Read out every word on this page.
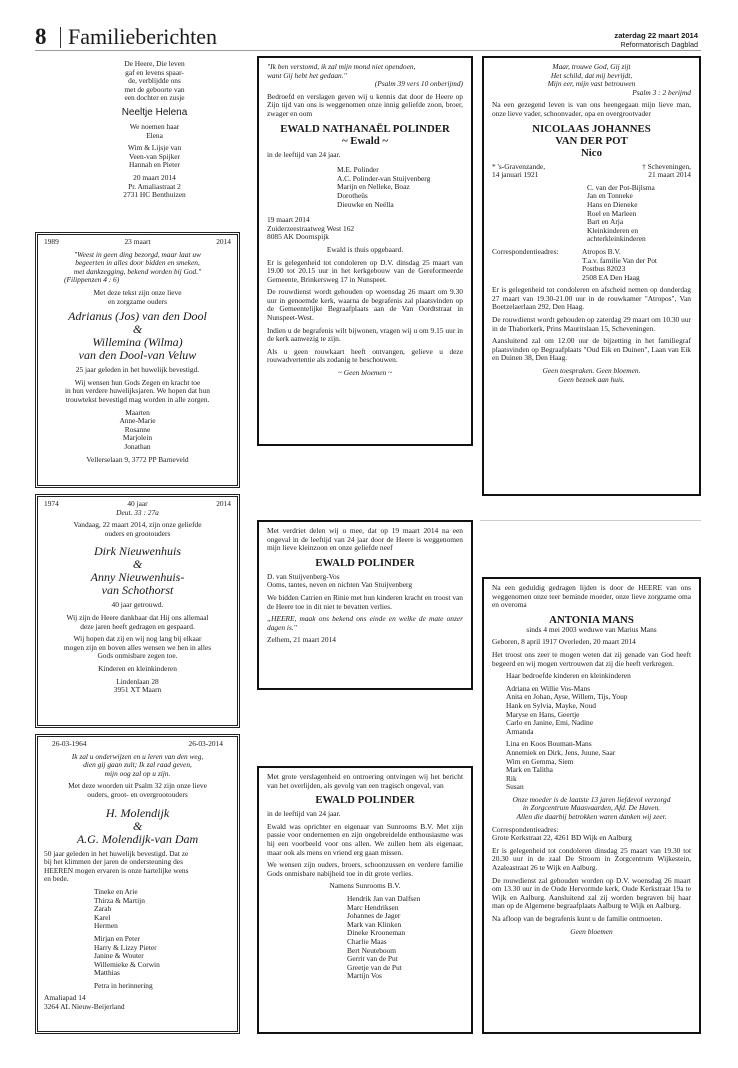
8 Familieberichten	zaterdag 22 maart 2014
Reformatorisch Dagblad

De Heere, Die leven

gaf en levens spaar-

de, verblijdde ons

met de geboorte van

een dochter en zusje

Neeltje Helena

We noemen haar

Elena

Wim & Lijsje van

Veen-van Spijker

Hannah en Pieter

20 maart 2014

Pr. Amaliastraat 2

2731 HC Benthuizen

1989	23 maart	2014

"Weest in geen ding bezorgd, maar laat uw

begeerten in alles door bidden en smeken,

met dankzegging, bekend worden bij God."

(Filippenzen 4 : 6)

Met deze tekst zijn onze lieve

en zorgzame ouders

Adrianus (Jos) van den Dool

&

Willemina (Wilma)

van den Dool-van Veluw

25 jaar geleden in het huwelijk bevestigd.

Wij wensen hun Gods Zegen en kracht toe

in hun verdere huwelijksjaren. We hopen dat hun

trouwtekst bevestigd mag worden in alle zorgen.

Maarten

Anne-Marie

Rosanne

Marjolein

Jonathan

Vellerselaan 9, 3772 PP Barneveld

1974	40 jaar	2014

Deut. 33 : 27a

Vandaag, 22 maart 2014, zijn onze geliefde

ouders en grootouders

Dirk Nieuwenhuis

&

Anny Nieuwenhuis-

van Schothorst

40 jaar getrouwd.

Wij zijn de Heere dankbaar dat Hij ons allemaal

deze jaren heeft gedragen en gespaard.

Wij hopen dat zij en wij nog lang bij elkaar

mogen zijn en boven alles wensen we hen in alles

Gods onmisbare zegen toe.

Kinderen en kleinkinderen

Lindenlaan 28

3951 XT Maarn

26-03-1964	26-03-2014

Ik zal u onderwijzen en u leren van den weg,

dien gij gaan zult; Ik zal raad geven,

mijn oog zal op u zijn.

Met deze woorden uit Psalm 32 zijn onze lieve

ouders, groot- en overgrootouders

H. Molendijk

&

A.G. Molendijk-van Dam

50 jaar geleden in het huwelijk bevestigd. Dat ze

bij het klimmen der jaren de ondersteuning des

HEEREN mogen ervaren is onze hartelijke wens

en bede.

Tineke en Arie

Thirza & Martijn

Zarah

Karel

Hermen

Mirjan en Peter

Harry & Lizzy Pieter

Janine & Wouter

Willemieke & Corwin

Matthias

Petra in herinnering

Amaliapad 14

3264 AL Nieuw-Beijerland

"Ik ben verstomd, ik zal mijn mond niet opendoen,

want Gij hebt het gedaan."

(Psalm 39 vers 10 onberijmd)

Bedroefd en verslagen geven wij u kennis dat door de Heere op Zijn tijd van ons is weggenomen onze innig geliefde zoon, broer, zwager en oom

EWALD NATHANAËL POLINDER

~ Ewald ~

in de leeftijd van 24 jaar.

M.E. Polinder

A.C. Polinder-van Stuijvenberg

Marijn en Nelleke, Boaz

Dorotheüs

Dieuwke en Neëlla

19 maart 2014

Zuiderzeestraatweg West 162

8085 AK Doornspijk

Ewald is thuis opgebaard.

Er is gelegenheid tot condoleren op D.V. dinsdag 25 maart van 19.00 tot 20.15 uur in het kerkgebouw van de Gereformeerde Gemeente, Brinkersweg 17 in Nunspeet.

De rouwdienst wordt gehouden op woensdag 26 maart om 9.30 uur in genoemde kerk, waarna de begrafenis zal plaatsvinden op de Gemeentelijke Begraafplaats aan de Van Oordtstraat in Nunspeet-West.

Indien u de begrafenis wilt bijwonen, vragen wij u om 9.15 uur in de kerk aanwezig te zijn.

Als u geen rouwkaart heeft ontvangen, gelieve u deze rouwadvertentie als zodanig te beschouwen.

~ Geen bloemen ~

Met verdriet delen wij u mee, dat op 19 maart 2014 na een ongeval in de leeftijd van 24 jaar door de Heere is weggenomen mijn lieve kleinzoon en onze geliefde neef

EWALD POLINDER

D. van Stuijvenberg-Vos

Ooms, tantes, neven en nichten Van Stuijvenberg

We bidden Catrien en Rinie met hun kinderen kracht en troost van de Heere toe in dit niet te bevatten verlies.

„HEERE, maak ons bekend ons einde en welke de mate onzer dagen is."

Zelhem, 21 maart 2014

Met grote verslagenheid en ontroering ontvingen wij het bericht van het overlijden, als gevolg van een tragisch ongeval, van

EWALD POLINDER

in de leeftijd van 24 jaar.

Ewald was oprichter en eigenaar van Sunrooms B.V. Met zijn passie voor ondernemen en zijn ongebreidelde enthousiasme was hij een voorbeeld voor ons allen. We zullen hem als eigenaar, maar ook als mens en vriend erg gaan missen.

We wensen zijn ouders, broers, schoonzussen en verdere familie Gods onmisbare nabijheid toe in dit grote verlies.

Namens Sunrooms B.V.

Hendrik Jan van Dalfsen

Marc Hendriksen

Johannes de Jager

Mark van Klinken

Dineke Krooneman

Charlie Maas

Bert Neuteboom

Gerrit van de Put

Greetje van de Put

Martijn Vos

Maar, trouwe God, Gij zijt

Het schild, dat mij bevrijdt,

Mijn eer, mijn vast betrouwen

Psalm 3 : 2 berijmd

Na een gezegend leven is van ons heengegaan mijn lieve man, onze lieve vader, schoonvader, opa en overgrootvader

NICOLAAS JOHANNES

VAN DER POT

Nico

* 's-Gravenzande,

14 januari 1921

† Scheveningen,

21 maart 2014

C. van der Pot-Bijlsma

Jan en Tonneke

Hans en Dieneke

Roel en Marleen

Bart en Arja

Kleinkinderen en

achterkleinkinderen

Correspondentieadres:	Atropos B.V.

T.a.v. familie Van der Pot

Postbus 82023

2508 EA Den Haag

Er is gelegenheid tot condoleren en afscheid nemen op donderdag 27 maart van 19.30-21.00 uur in de rouwkamer "Atropos", Van Boetzelaerlaan 292, Den Haag.

De rouwdienst wordt gehouden op zaterdag 29 maart om 10.30 uur in de Thaborkerk, Prins Mauritslaan 15, Scheveningen.

Aansluitend zal om 12.00 uur de bijzetting in het familiegraf plaatsvinden op Begraafplaats "Oud Eik en Duinen", Laan van Eik en Duinen 38, Den Haag.

Geen toespraken. Geen bloemen.

Geen bezoek aan huis.

Na een geduldig gedragen lijden is door de HEERE van ons weggenomen onze teer beminde moeder, onze lieve zorgzame oma en overoma

ANTONIA MANS

sinds 4 mei 2003 weduwe van Marius Mans

Geboren, 8 april 1917 Overleden, 20 maart 2014

Het troost ons zeer te mogen weten dat zij genade van God heeft begeerd en wij mogen vertrouwen dat zij die heeft verkregen.

Haar bedroefde kinderen en kleinkinderen

Adriana en Willie Vos-Mans

Anita en Johan, Ayse, Willem, Tijs, Youp

Hank en Sylvia, Mayke, Noud

Maryse en Hans, Geertje

Carlo en Janine, Emi, Nadine

Armanda

Lina en Koos Bouman-Mans

Annemiek en Dirk, Jens, Juune, Saar

Wim en Gemma, Siem

Mark en Talitha

Rik

Susan

Onze moeder is de laatste 13 jaren liefdevol verzorgd

in Zorgcentrum Maasvaarden, Afd. De Haven.

Allen die daarbij betrokken waren danken wij zeer.

Correspondentieadres:

Grote Kerkstraat 22, 4261 BD Wijk en Aalburg

Er is gelegenheid tot condoleren dinsdag 25 maart van 19.30 tot 20.30 uur in de zaal De Stroom in Zorgcentrum Wijkestein, Azaleastraat 26 te Wijk en Aalburg.

De rouwdienst zal gehouden worden op D.V. woensdag 26 maart om 13.30 uur in de Oude Hervormde kerk, Oude Kerkstraat 19a te Wijk en Aalburg. Aansluitend zal zij worden begraven bij haar man op de Algemene begraafplaats Aalburg te Wijk en Aalburg.

Na afloop van de begrafenis kunt u de familie ontmoeten.

Geen bloemen
